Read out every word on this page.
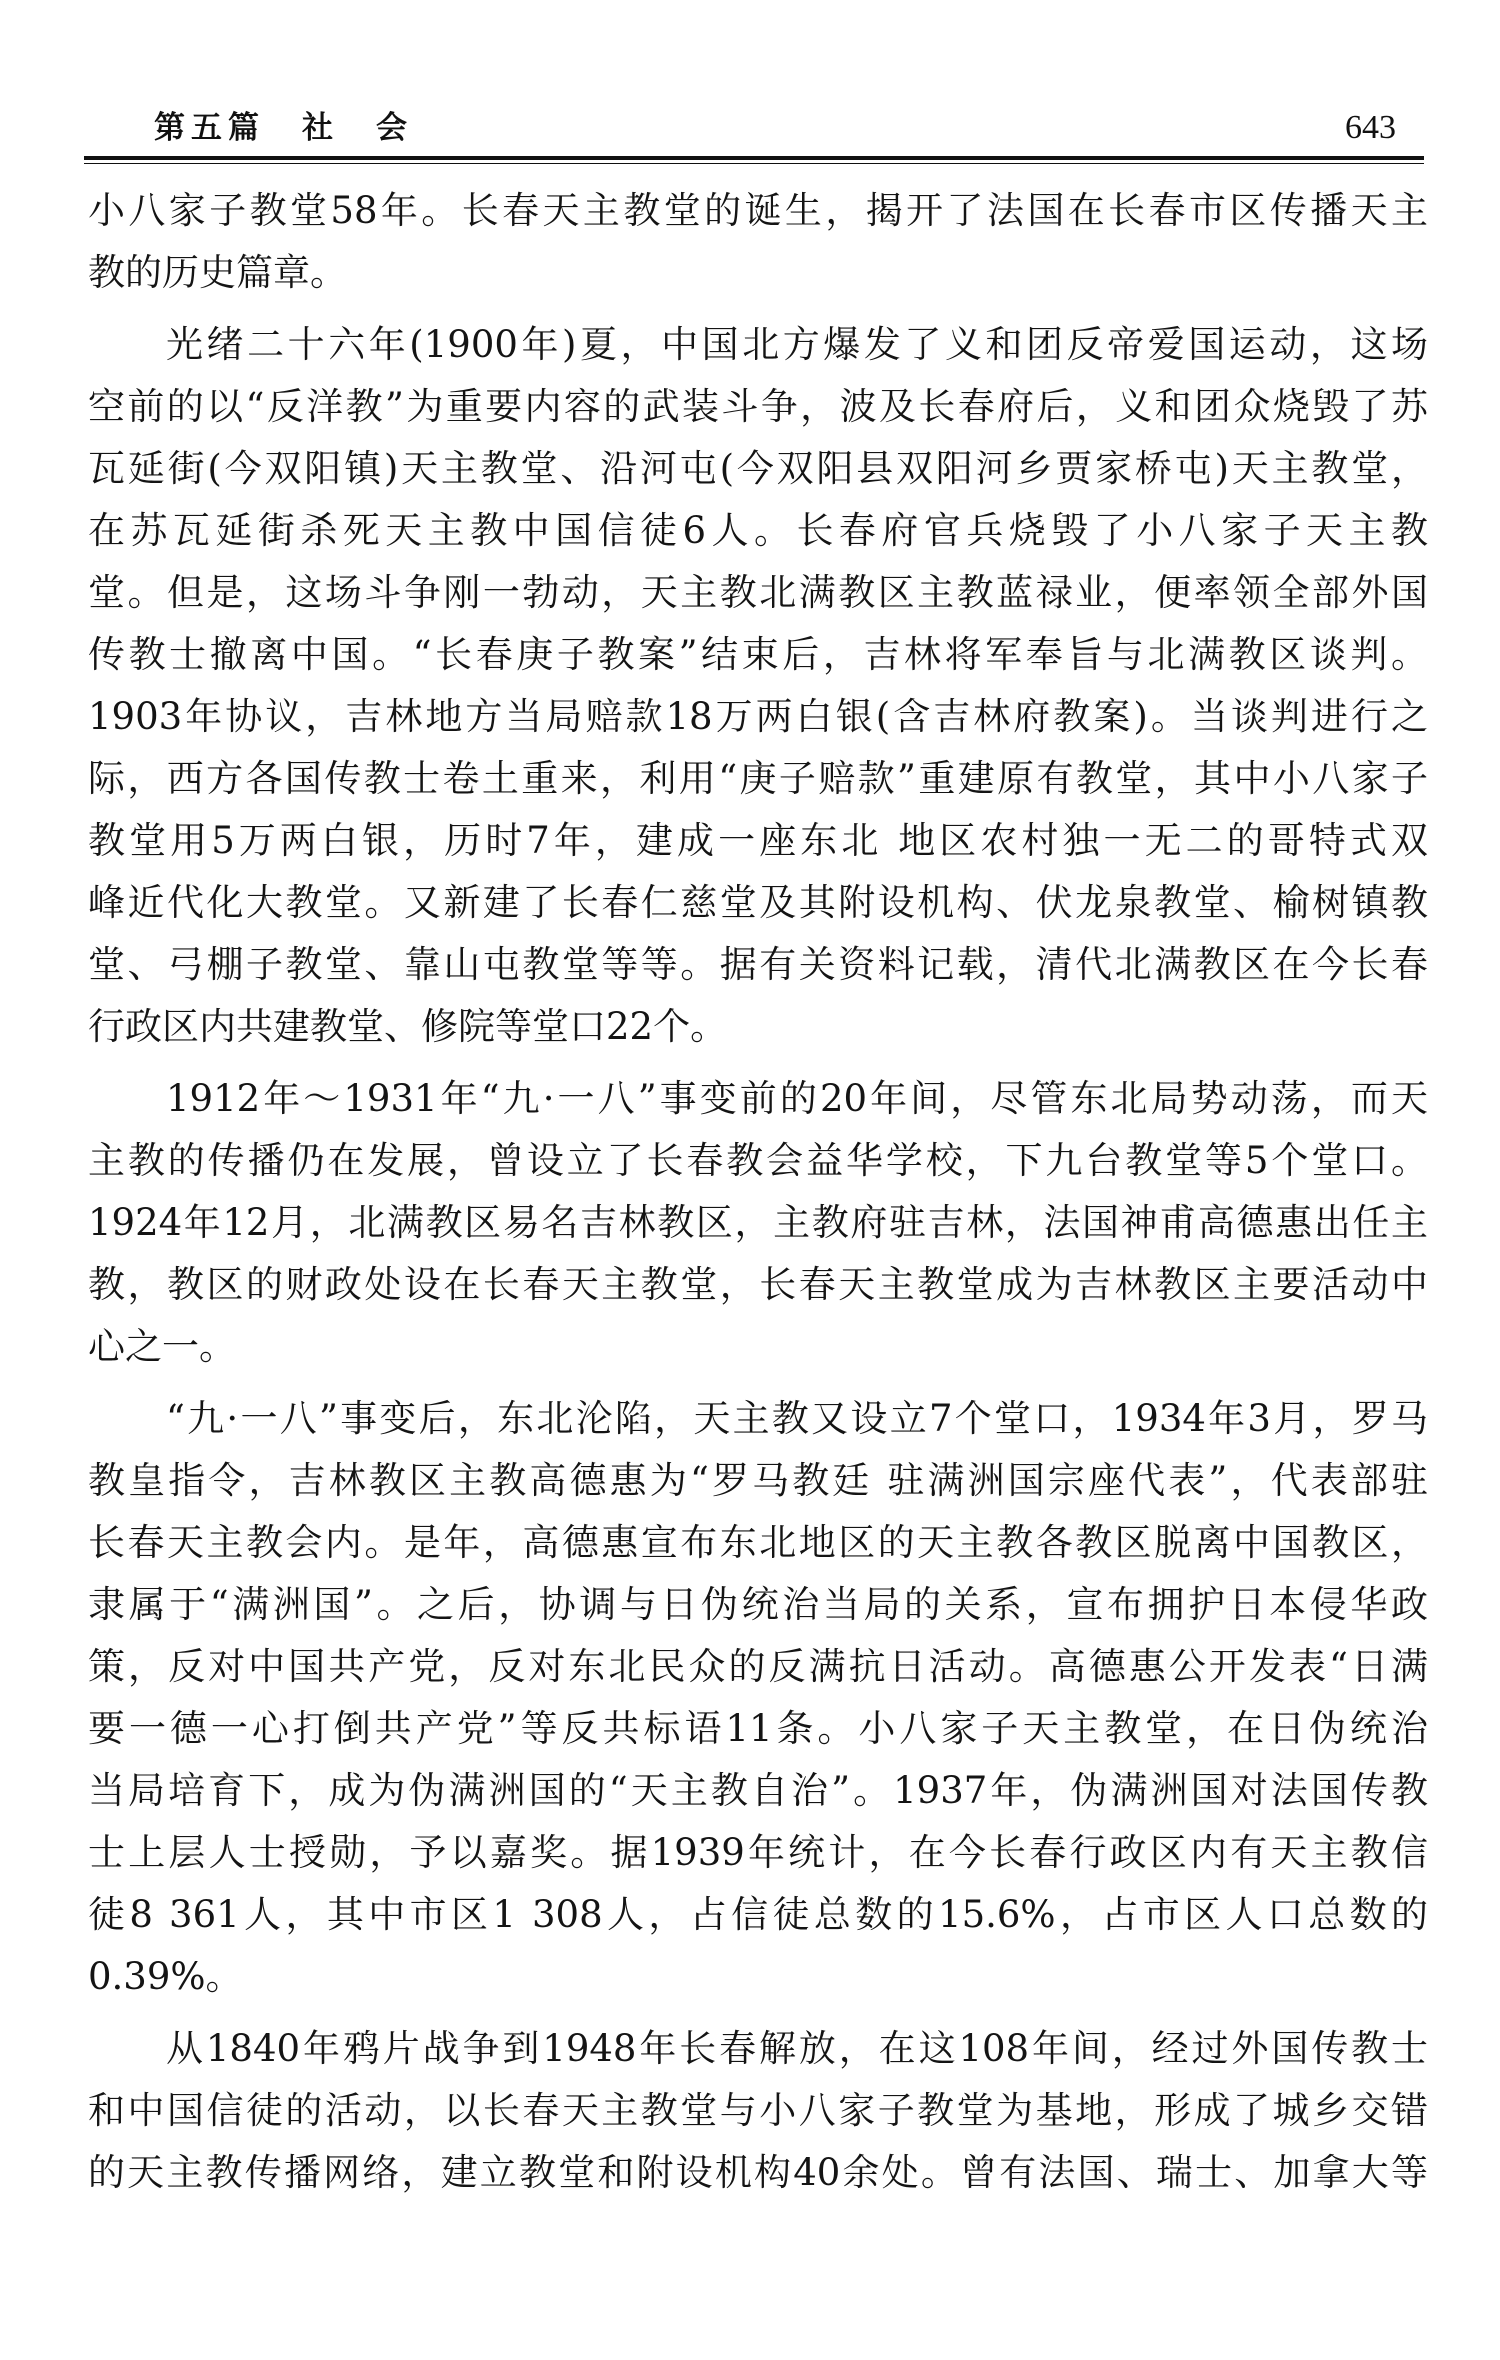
第五篇　社　会	643
小八家子教堂58年。长春天主教堂的诞生，揭开了法国在长春市区传播天主
教的历史篇章。
光绪二十六年(1900年)夏，中国北方爆发了义和团反帝爱国运动，这场
空前的以“反洋教”为重要内容的武装斗争，波及长春府后，义和团众烧毁了苏
瓦延街(今双阳镇)天主教堂、沿河屯(今双阳县双阳河乡贾家桥屯)天主教堂，
在苏瓦延街杀死天主教中国信徒6人。长春府官兵烧毁了小八家子天主教
堂。但是，这场斗争刚一勃动，天主教北满教区主教蓝禄业，便率领全部外国
传教士撤离中国。“长春庚子教案”结束后，吉林将军奉旨与北满教区谈判。
1903年协议，吉林地方当局赔款18万两白银(含吉林府教案)。当谈判进行之
际，西方各国传教士卷土重来，利用“庚子赔款”重建原有教堂，其中小八家子
教堂用5万两白银，历时7年，建成一座东北 地区农村独一无二的哥特式双
峰近代化大教堂。又新建了长春仁慈堂及其附设机构、伏龙泉教堂、榆树镇教
堂、弓棚子教堂、靠山屯教堂等等。据有关资料记载，清代北满教区在今长春
行政区内共建教堂、修院等堂口22个。
1912年～1931年“九·一八”事变前的20年间，尽管东北局势动荡，而天
主教的传播仍在发展，曾设立了长春教会益华学校，下九台教堂等5个堂口。
1924年12月，北满教区易名吉林教区，主教府驻吉林，法国神甫高德惠出任主
教，教区的财政处设在长春天主教堂，长春天主教堂成为吉林教区主要活动中
心之一。
“九·一八”事变后，东北沦陷，天主教又设立7个堂口，1934年3月，罗马
教皇指令，吉林教区主教高德惠为“罗马教廷 驻满洲国宗座代表”，代表部驻
长春天主教会内。是年，高德惠宣布东北地区的天主教各教区脱离中国教区，
隶属于“满洲国”。之后，协调与日伪统治当局的关系，宣布拥护日本侵华政
策，反对中国共产党，反对东北民众的反满抗日活动。高德惠公开发表“日满
要一德一心打倒共产党”等反共标语11条。小八家子天主教堂，在日伪统治
当局培育下，成为伪满洲国的“天主教自治”。1937年，伪满洲国对法国传教
士上层人士授勋，予以嘉奖。据1939年统计，在今长春行政区内有天主教信
徒8 361人，其中市区1 308人，占信徒总数的15.6%，占市区人口总数的
0.39%。
从1840年鸦片战争到1948年长春解放，在这108年间，经过外国传教士
和中国信徒的活动，以长春天主教堂与小八家子教堂为基地，形成了城乡交错
的天主教传播网络，建立教堂和附设机构40余处。曾有法国、瑞士、加拿大等
